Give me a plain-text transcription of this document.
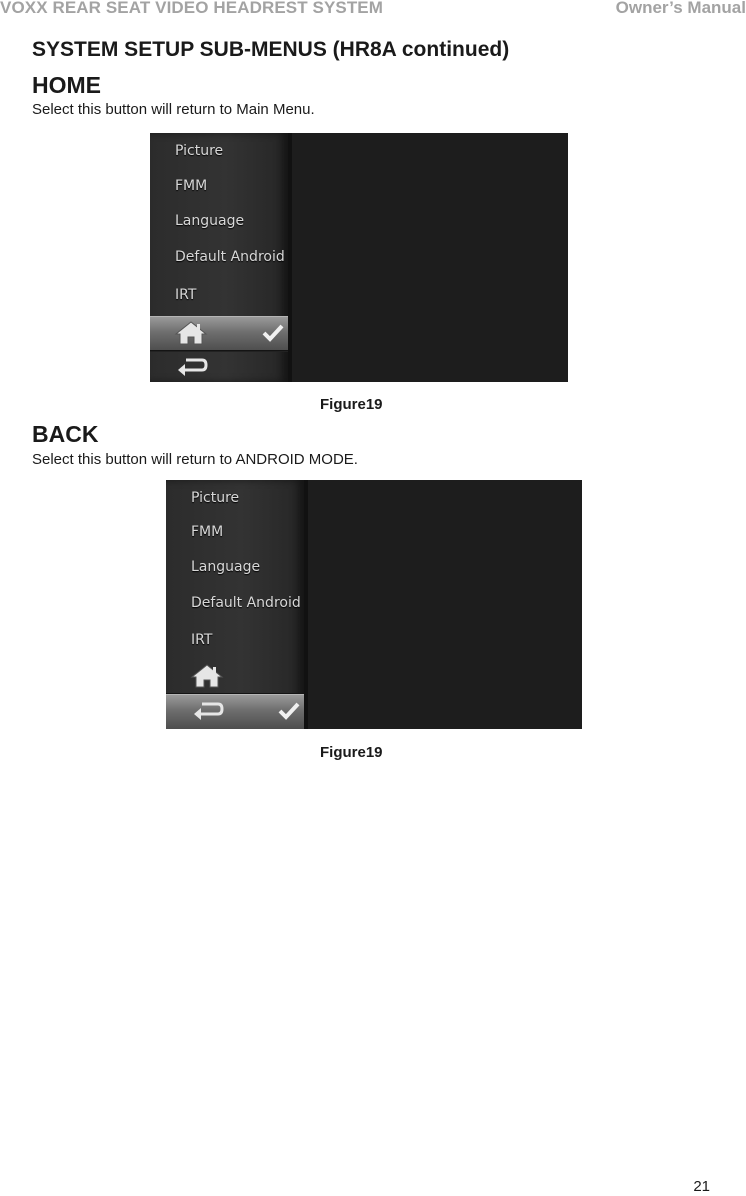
VOXX REAR SEAT VIDEO HEADREST SYSTEM	Owner’s Manual
SYSTEM SETUP SUB-MENUS (HR8A continued)
HOME
Select this button will return to Main Menu.
Picture
FMM
Language
Default Android
IRT
Figure19
BACK
Select this button will return to ANDROID MODE.
Picture
FMM
Language
Default Android
IRT
Figure19
21
